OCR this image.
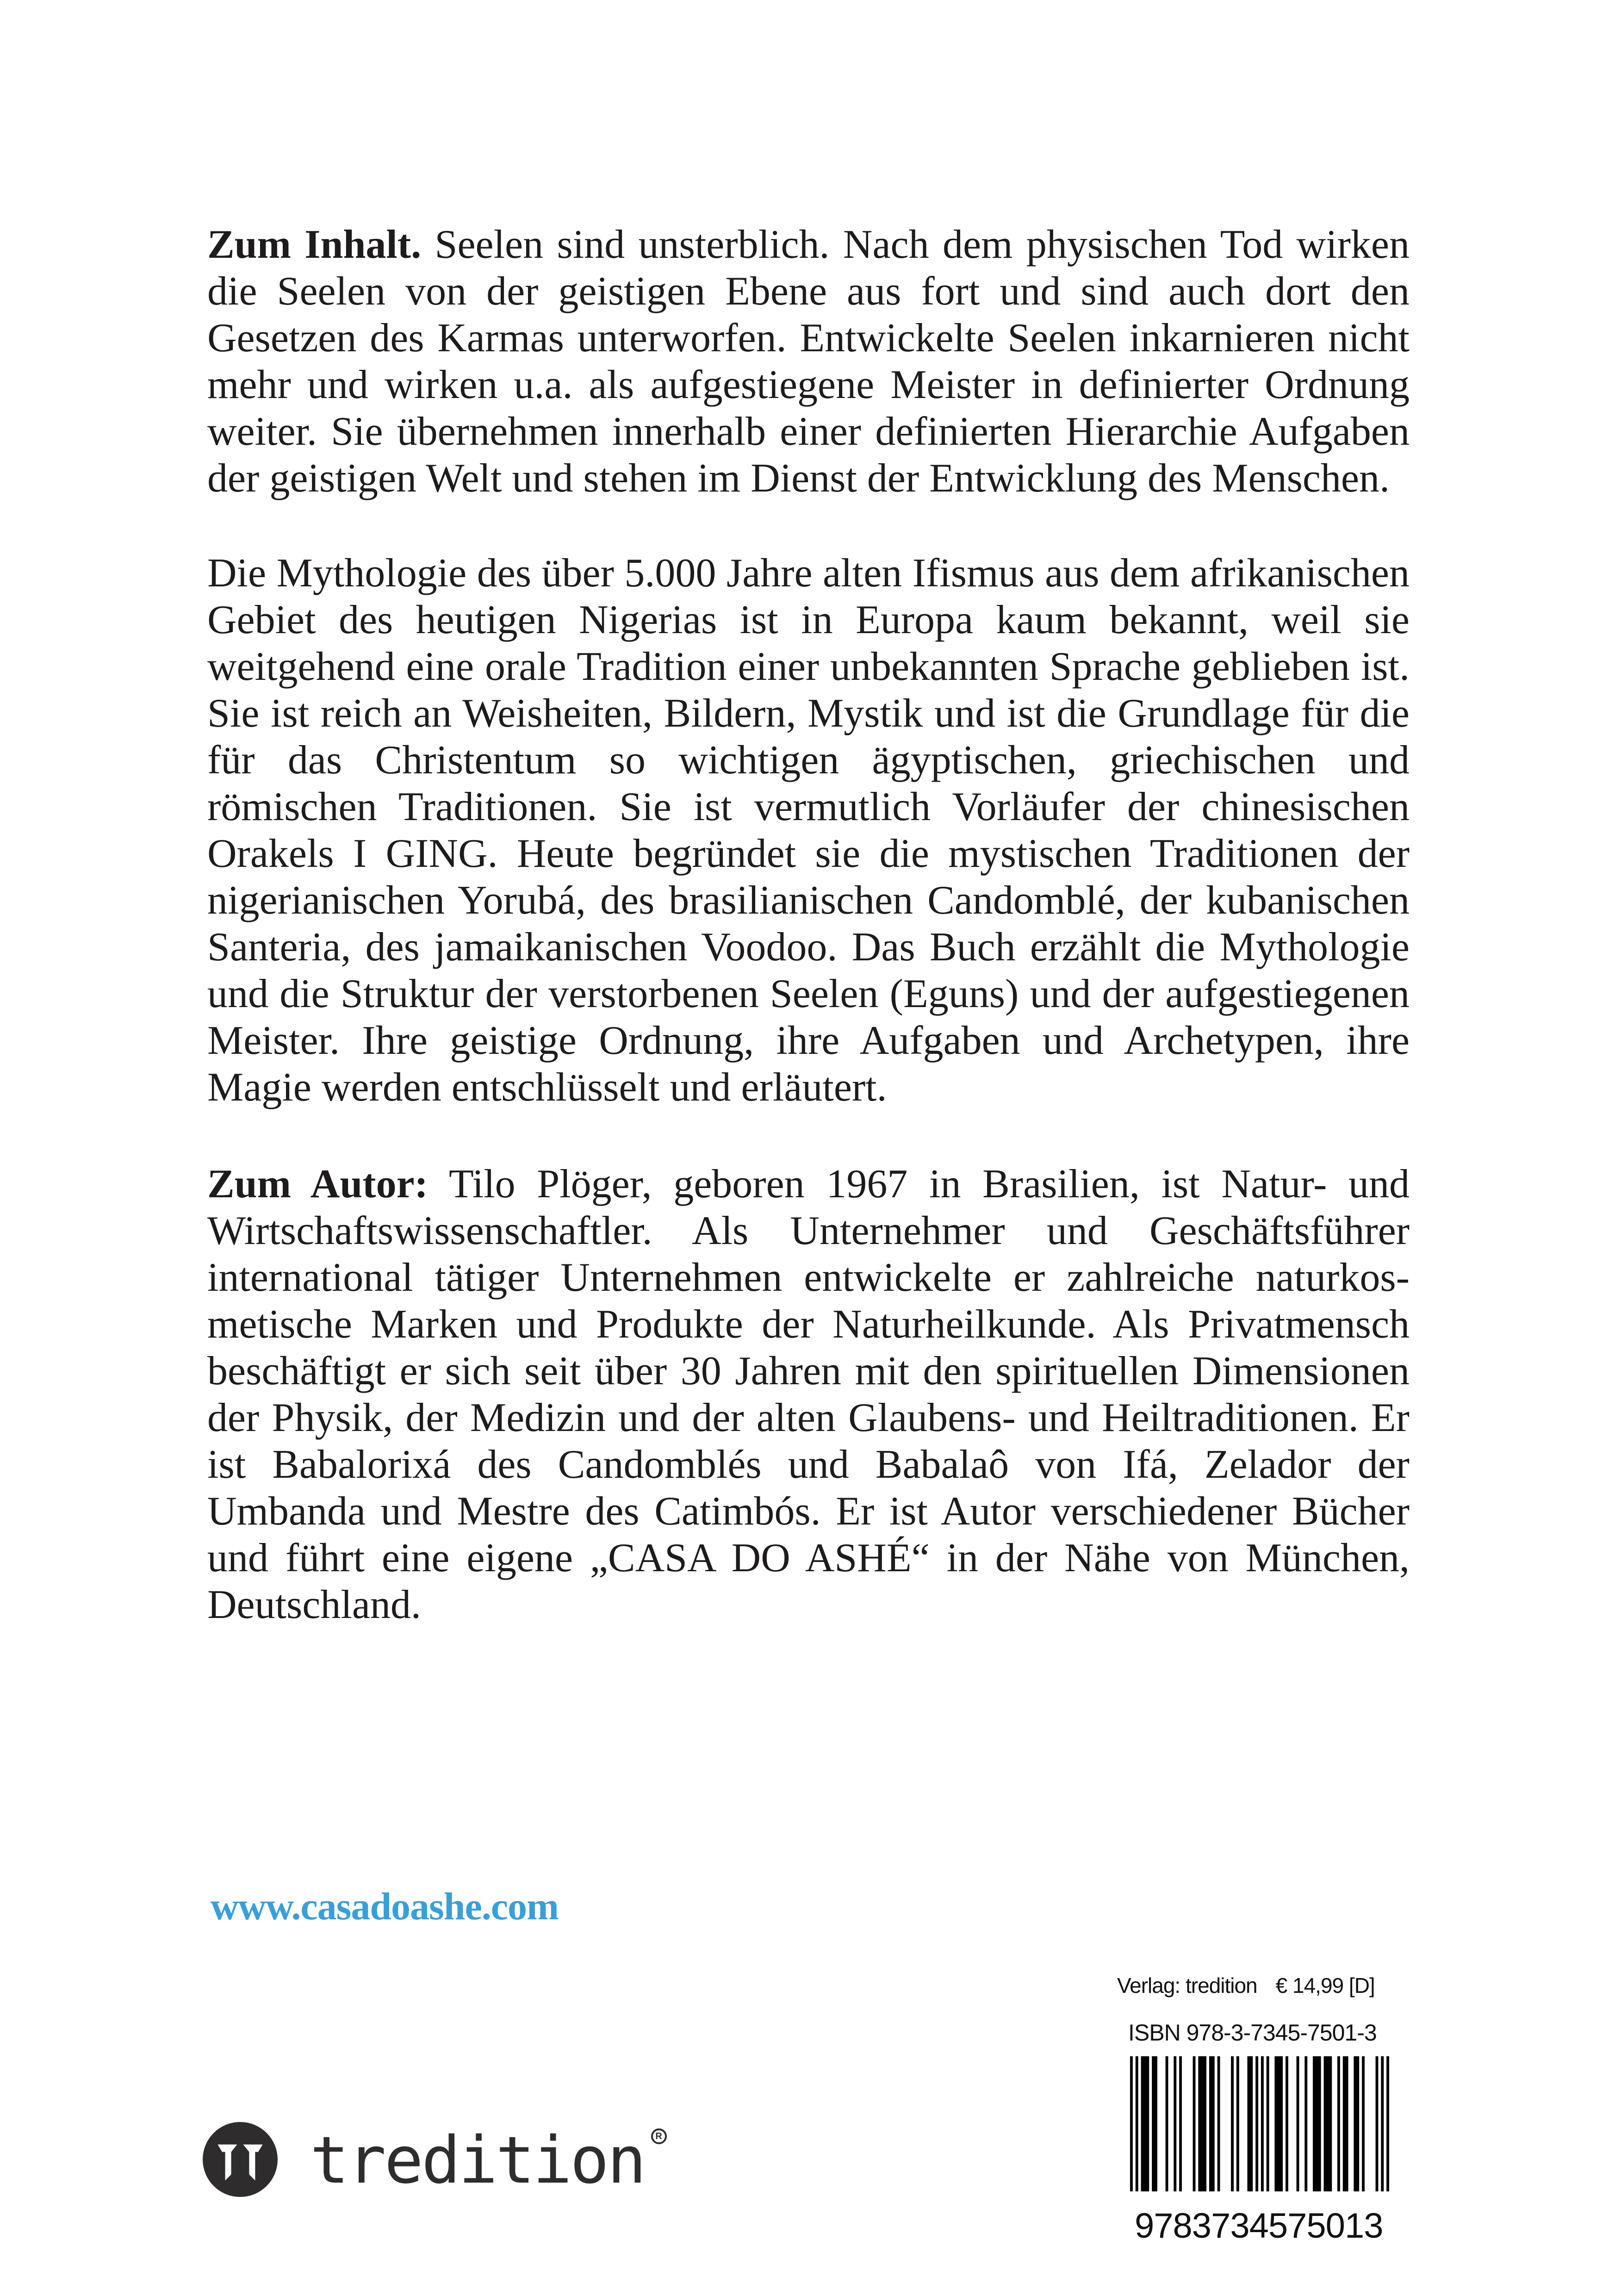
Zum Inhalt. Seelen sind unsterblich. Nach dem physischen Tod wirken die Seelen von der geistigen Ebene aus fort und sind auch dort den Gesetzen des Karmas unterworfen. Entwickelte Seelen inkarnieren nicht mehr und wirken u.a. als aufgestiegene Meister in definierter Ordnung weiter. Sie übernehmen innerhalb einer definierten Hierarchie Aufgaben der geistigen Welt und stehen im Dienst der Entwicklung des Menschen.

Die Mythologie des über 5.000 Jahre alten Ifismus aus dem afrikanischen Gebiet des heutigen Nigerias ist in Europa kaum bekannt, weil sie weitgehend eine orale Tradition einer unbekannten Sprache geblieben ist. Sie ist reich an Weisheiten, Bildern, Mystik und ist die Grundlage für die für das Christentum so wichtigen ägyptischen, griechischen und römischen Traditionen. Sie ist vermutlich Vorläufer der chinesischen Orakels I GING. Heute begründet sie die mystischen Traditionen der nigerianischen Yorubá, des brasilianischen Candomblé, der kubanischen Santeria, des jamaikanischen Voodoo. Das Buch erzählt die Mythologie und die Struktur der verstorbenen Seelen (Eguns) und der aufgestiegenen Meister. Ihre geistige Ordnung, ihre Aufgaben und Archetypen, ihre Magie werden entschlüsselt und erläutert.

Zum Autor: Tilo Plöger, geboren 1967 in Brasilien, ist Natur- und Wirtschaftswissenschaftler. Als Unternehmer und Geschäftsführer international tätiger Unternehmen entwickelte er zahlreiche naturkosmetische Marken und Produkte der Naturheilkunde. Als Privatmensch beschäftigt er sich seit über 30 Jahren mit den spirituellen Dimensionen der Physik, der Medizin und der alten Glaubens- und Heiltraditionen. Er ist Babalorixá des Candomblés und Babalaô von Ifá, Zelador der Umbanda und Mestre des Catimbós. Er ist Autor verschiedener Bücher und führt eine eigene „CASA DO ASHÉ“ in der Nähe von München, Deutschland.

www.casadoashe.com
tredition	R
Verlag: tredition € 14,99 [D]
ISBN 978-3-7345-7501-3
9783734575013
